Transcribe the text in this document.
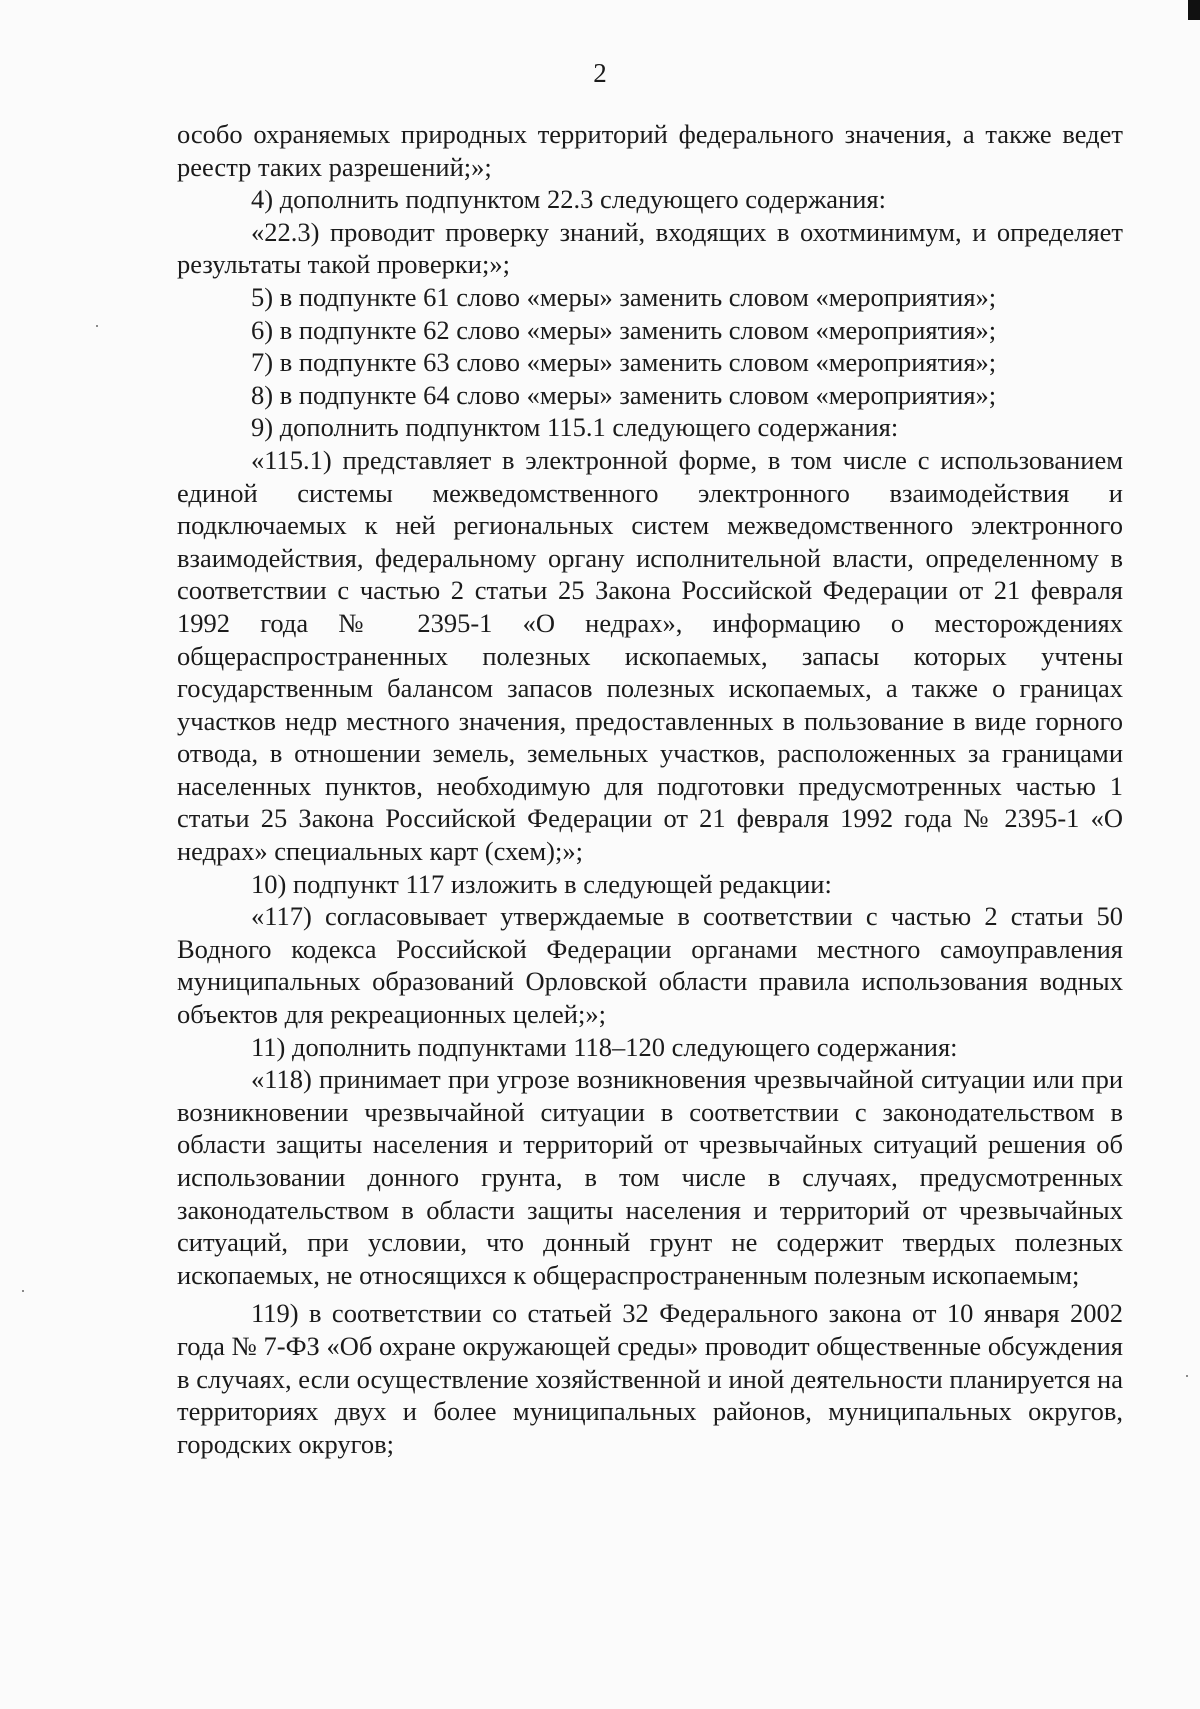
2

особо охраняемых природных территорий федерального значения, а также ведет реестр таких разрешений;»;

4) дополнить подпунктом 22.3 следующего содержания:

«22.3) проводит проверку знаний, входящих в охотминимум, и определяет результаты такой проверки;»;

5) в подпункте 61 слово «меры» заменить словом «мероприятия»;

6) в подпункте 62 слово «меры» заменить словом «мероприятия»;

7) в подпункте 63 слово «меры» заменить словом «мероприятия»;

8) в подпункте 64 слово «меры» заменить словом «мероприятия»;

9) дополнить подпунктом 115.1 следующего содержания:

«115.1) представляет в электронной форме, в том числе с использованием единой системы межведомственного электронного взаимодействия и подключаемых к ней региональных систем межведомственного электронного взаимодействия, федеральному органу исполнительной власти, определенному в соответствии с частью 2 статьи 25 Закона Российской Федерации от 21 февраля 1992 года № 2395-1 «О недрах», информацию о месторождениях общераспространенных полезных ископаемых, запасы которых учтены государственным балансом запасов полезных ископаемых, а также о границах участков недр местного значения, предоставленных в пользование в виде горного отвода, в отношении земель, земельных участков, расположенных за границами населенных пунктов, необходимую для подготовки предусмотренных частью 1 статьи 25 Закона Российской Федерации от 21 февраля 1992 года № 2395-1 «О недрах» специальных карт (схем);»;

10) подпункт 117 изложить в следующей редакции:

«117) согласовывает утверждаемые в соответствии с частью 2 статьи 50 Водного кодекса Российской Федерации органами местного самоуправления муниципальных образований Орловской области правила использования водных объектов для рекреационных целей;»;

11) дополнить подпунктами 118–120 следующего содержания:

«118) принимает при угрозе возникновения чрезвычайной ситуации или при возникновении чрезвычайной ситуации в соответствии с законодательством в области защиты населения и территорий от чрезвычайных ситуаций решения об использовании донного грунта, в том числе в случаях, предусмотренных законодательством в области защиты населения и территорий от чрезвычайных ситуаций, при условии, что донный грунт не содержит твердых полезных ископаемых, не относящихся к общераспространенным полезным ископаемым;

119) в соответствии со статьей 32 Федерального закона от 10 января 2002 года № 7-ФЗ «Об охране окружающей среды» проводит общественные обсуждения в случаях, если осуществление хозяйственной и иной деятельности планируется на территориях двух и более муниципальных районов, муниципальных округов, городских округов;
